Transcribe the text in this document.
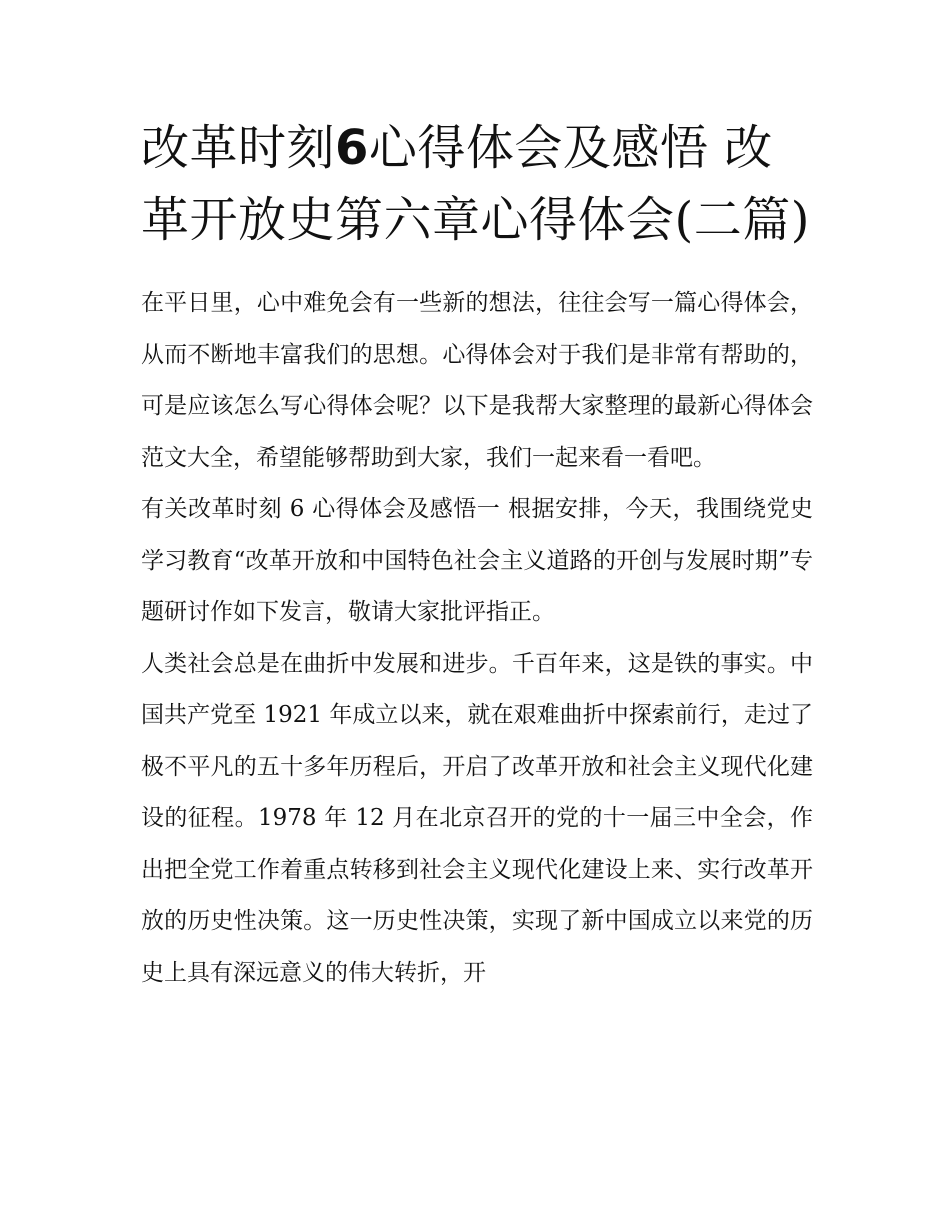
改革时刻6心得体会及感悟 改革开放史第六章心得体会(二篇)

在平日里，心中难免会有一些新的想法，往往会写一篇心得体会，从而不断地丰富我们的思想。心得体会对于我们是非常有帮助的，可是应该怎么写心得体会呢？以下是我帮大家整理的最新心得体会范文大全，希望能够帮助到大家，我们一起来看一看吧。

有关改革时刻 6 心得体会及感悟一 根据安排，今天，我围绕党史学习教育“改革开放和中国特色社会主义道路的开创与发展时期”专题研讨作如下发言，敬请大家批评指正。

人类社会总是在曲折中发展和进步。千百年来，这是铁的事实。中国共产党至 1921 年成立以来，就在艰难曲折中探索前行，走过了极不平凡的五十多年历程后，开启了改革开放和社会主义现代化建设的征程。1978 年 12 月在北京召开的党的十一届三中全会，作出把全党工作着重点转移到社会主义现代化建设上来、实行改革开放的历史性决策。这一历史性决策，实现了新中国成立以来党的历史上具有深远意义的伟大转折，开
